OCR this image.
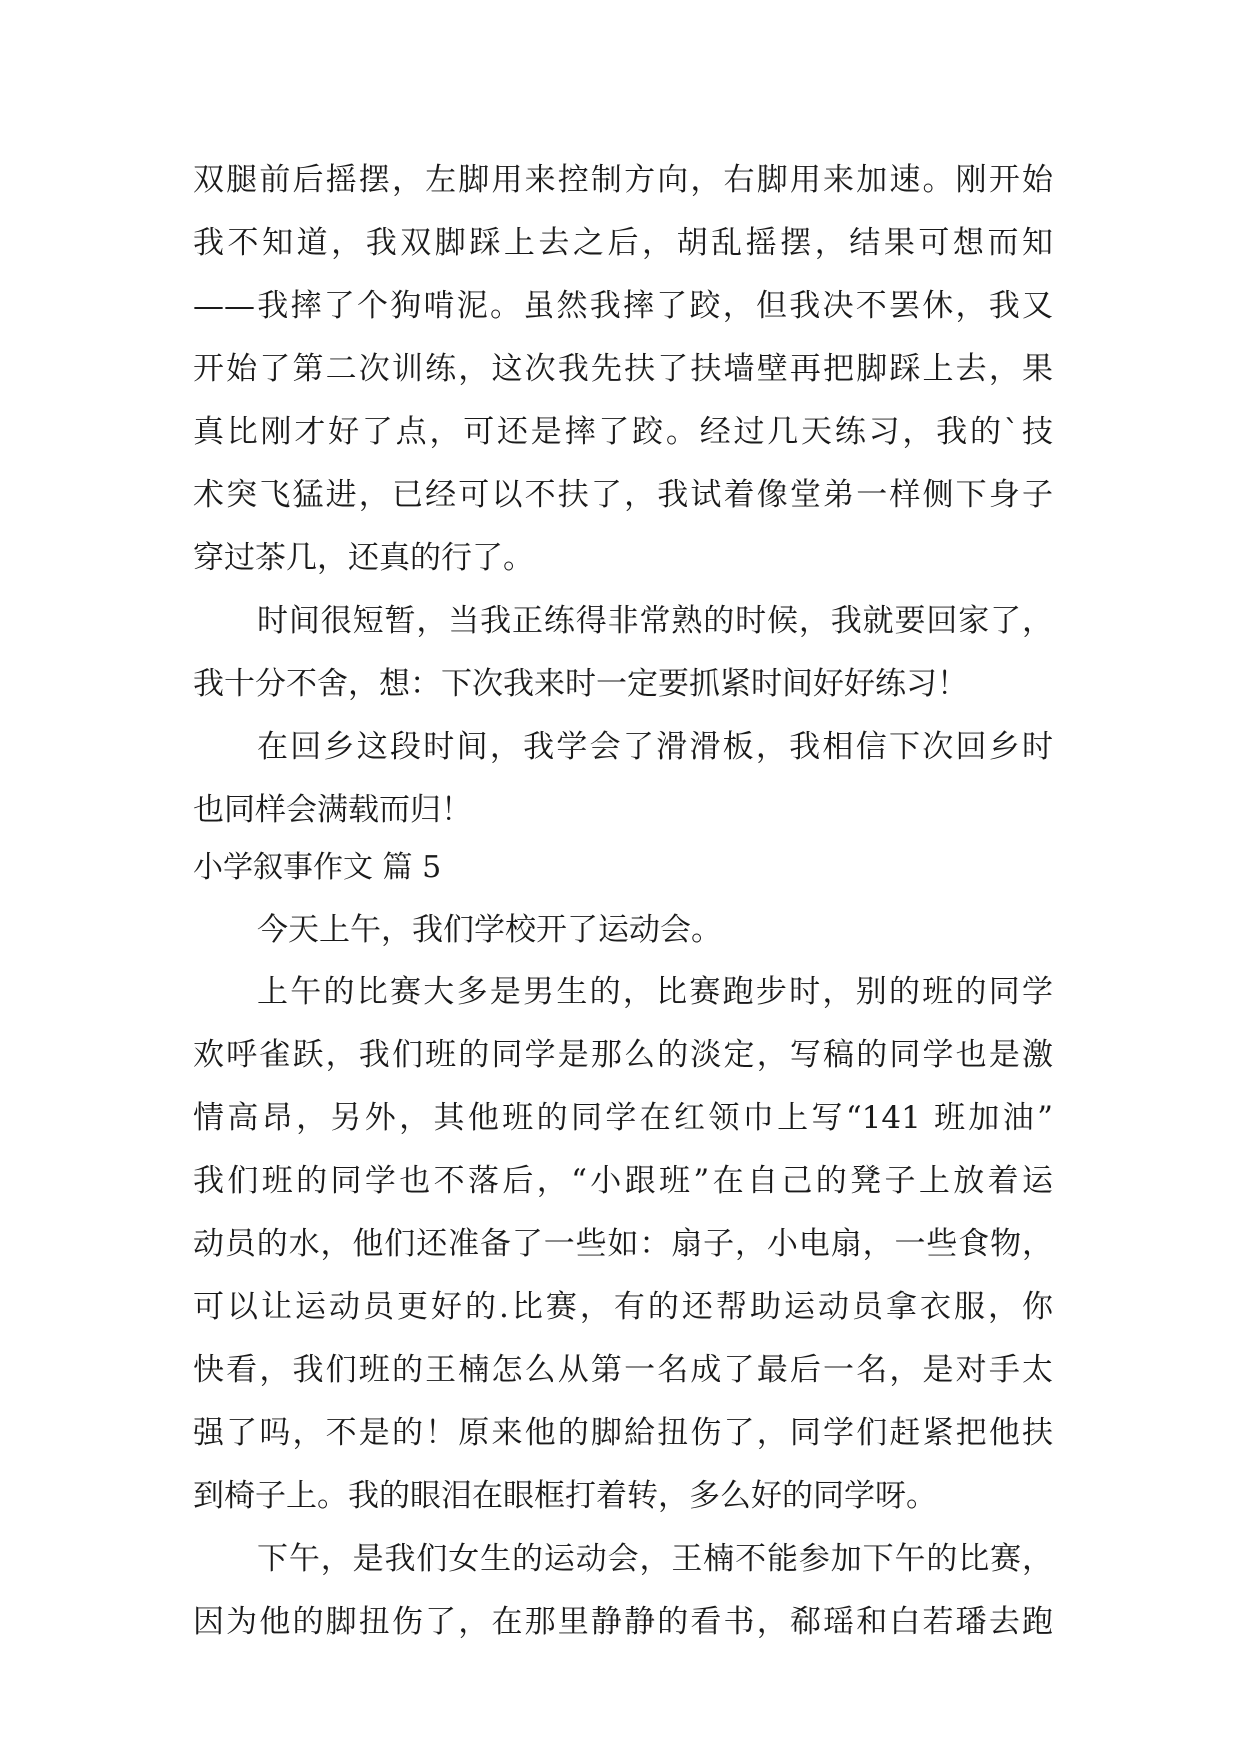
双腿前后摇摆，左脚用来控制方向，右脚用来加速。刚开始
我不知道，我双脚踩上去之后，胡乱摇摆，结果可想而知
——我摔了个狗啃泥。虽然我摔了跤，但我决不罢休，我又
开始了第二次训练，这次我先扶了扶墙壁再把脚踩上去，果
真比刚才好了点，可还是摔了跤。经过几天练习，我的`技
术突飞猛进，已经可以不扶了，我试着像堂弟一样侧下身子
穿过茶几，还真的行了。
时间很短暂，当我正练得非常熟的时候，我就要回家了，
我十分不舍，想：下次我来时一定要抓紧时间好好练习！
在回乡这段时间，我学会了滑滑板，我相信下次回乡时
也同样会满载而归！
小学叙事作文 篇 5
今天上午，我们学校开了运动会。
上午的比赛大多是男生的，比赛跑步时，别的班的同学
欢呼雀跃，我们班的同学是那么的淡定，写稿的同学也是激
情高昂，另外，其他班的同学在红领巾上写“141 班加油”
我们班的同学也不落后，“小跟班”在自己的凳子上放着运
动员的水，他们还准备了一些如：扇子，小电扇，一些食物，
可以让运动员更好的.比赛，有的还帮助运动员拿衣服，你
快看，我们班的王楠怎么从第一名成了最后一名，是对手太
强了吗，不是的！原来他的脚給扭伤了，同学们赶紧把他扶
到椅子上。我的眼泪在眼框打着转，多么好的同学呀。
下午，是我们女生的运动会，王楠不能参加下午的比赛，
因为他的脚扭伤了，在那里静静的看书，郗瑶和白若璠去跑
